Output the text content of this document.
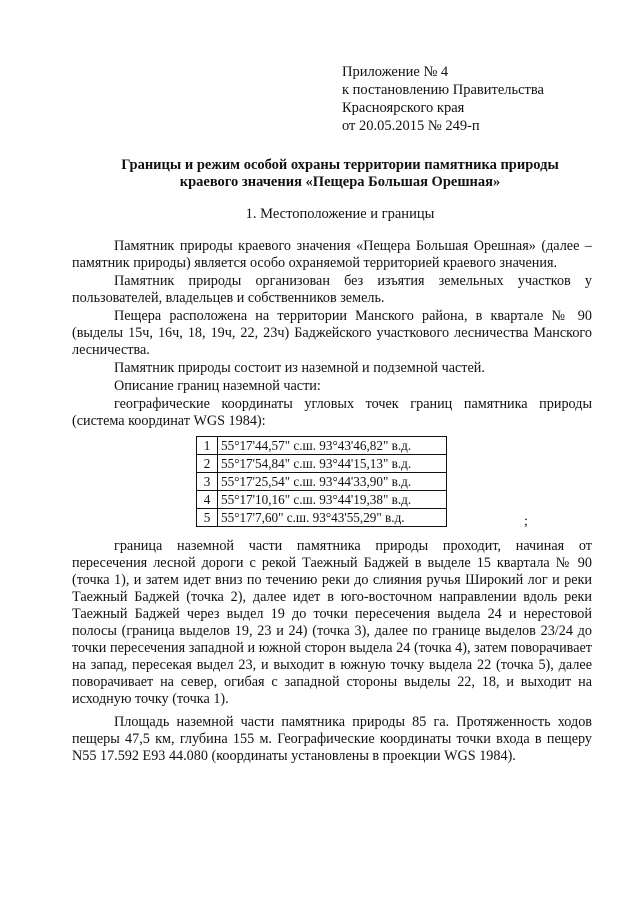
Приложение № 4
к постановлению Правительства
Красноярского края
от 20.05.2015 № 249-п
Границы и режим особой охраны территории памятника природы
краевого значения «Пещера Большая Орешная»
1. Местоположение и границы

Памятник природы краевого значения «Пещера Большая Орешная» (далее – памятник природы) является особо охраняемой территорией краевого значения.

Памятник природы организован без изъятия земельных участков у пользователей, владельцев и собственников земель.

Пещера расположена на территории Манского района, в квартале № 90 (выделы 15ч, 16ч, 18, 19ч, 22, 23ч) Баджейского участкового лесничества Манского лесничества.

Памятник природы состоит из наземной и подземной частей.

Описание границ наземной части:

географические координаты угловых точек границ памятника природы (система координат WGS 1984):

1	55°17'44,57" с.ш. 93°43'46,82" в.д.
2	55°17'54,84" с.ш. 93°44'15,13" в.д.
3	55°17'25,54" с.ш. 93°44'33,90" в.д.
4	55°17'10,16" с.ш. 93°44'19,38" в.д.
5	55°17'7,60" с.ш. 93°43'55,29" в.д.	;

граница наземной части памятника природы проходит, начиная от пересечения лесной дороги с рекой Таежный Баджей в выделе 15 квартала № 90 (точка 1), и затем идет вниз по течению реки до слияния ручья Широкий лог и реки Таежный Баджей (точка 2), далее идет в юго-восточном направлении вдоль реки Таежный Баджей через выдел 19 до точки пересечения выдела 24 и нерестовой полосы (границa выделов 19, 23 и 24) (точка 3), далее по границе выделов 23/24 до точки пересечения западной и южной сторон выдела 24 (точка 4), затем поворачивает на запад, пересекая выдел 23, и выходит в южную точку выдела 22 (точка 5), далее поворачивает на север, огибая с западной стороны выделы 22, 18, и выходит на исходную точку (точка 1).

Площадь наземной части памятника природы 85 га. Протяженность ходов пещеры 47,5 км, глубина 155 м. Географические координаты точки входа в пещеру N55 17.592 E93 44.080 (координаты установлены в проекции WGS 1984).
